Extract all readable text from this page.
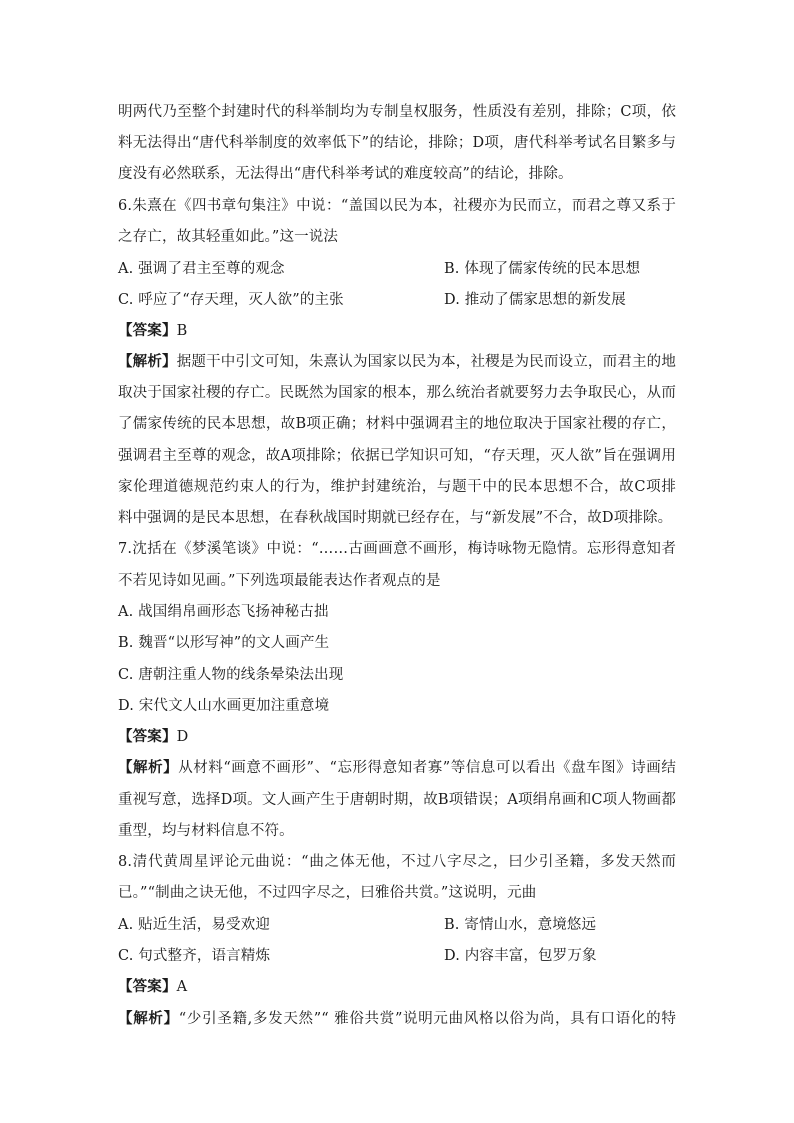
明两代乃至整个封建时代的科举制均为专制皇权服务，性质没有差别，排除；C项，依
料无法得出“唐代科举制度的效率低下”的结论，排除；D项，唐代科举考试名目繁多与
度没有必然联系，无法得出“唐代科举考试的难度较高”的结论，排除。
6.朱熹在《四书章句集注》中说：“盖国以民为本，社稷亦为民而立，而君之尊又系于
之存亡，故其轻重如此。”这一说法
A. 强调了君主至尊的观念	B. 体现了儒家传统的民本思想
C. 呼应了“存天理，灭人欲”的主张	D. 推动了儒家思想的新发展
【答案】B
【解析】据题干中引文可知，朱熹认为国家以民为本，社稷是为民而设立，而君主的地
取决于国家社稷的存亡。民既然为国家的根本，那么统治者就要努力去争取民心，从而
了儒家传统的民本思想，故B项正确；材料中强调君主的地位取决于国家社稷的存亡，
强调君主至尊的观念，故A项排除；依据已学知识可知，“存天理，灭人欲”旨在强调用
家伦理道德规范约束人的行为，维护封建统治，与题干中的民本思想不合，故C项排
料中强调的是民本思想，在春秋战国时期就已经存在，与“新发展”不合，故D项排除。
7.沈括在《梦溪笔谈》中说：“……古画画意不画形，梅诗咏物无隐情。忘形得意知者
不若见诗如见画。”下列选项最能表达作者观点的是
A. 战国绢帛画形态飞扬神秘古拙
B. 魏晋“以形写神”的文人画产生
C. 唐朝注重人物的线条晕染法出现
D. 宋代文人山水画更加注重意境
【答案】D
【解析】从材料“画意不画形”、“忘形得意知者寡”等信息可以看出《盘车图》诗画结
重视写意，选择D项。文人画产生于唐朝时期，故B项错误；A项绢帛画和C项人物画都
重型，均与材料信息不符。
8.清代黄周星评论元曲说：“曲之体无他，不过八字尽之，曰少引圣籍，多发天然而
已。”“制曲之诀无他，不过四字尽之，曰雅俗共赏。”这说明，元曲
A. 贴近生活，易受欢迎	B. 寄情山水，意境悠远
C. 句式整齐，语言精炼	D. 内容丰富，包罗万象
【答案】A
【解析】“少引圣籍,多发天然”“ 雅俗共赏”说明元曲风格以俗为尚，具有口语化的特
